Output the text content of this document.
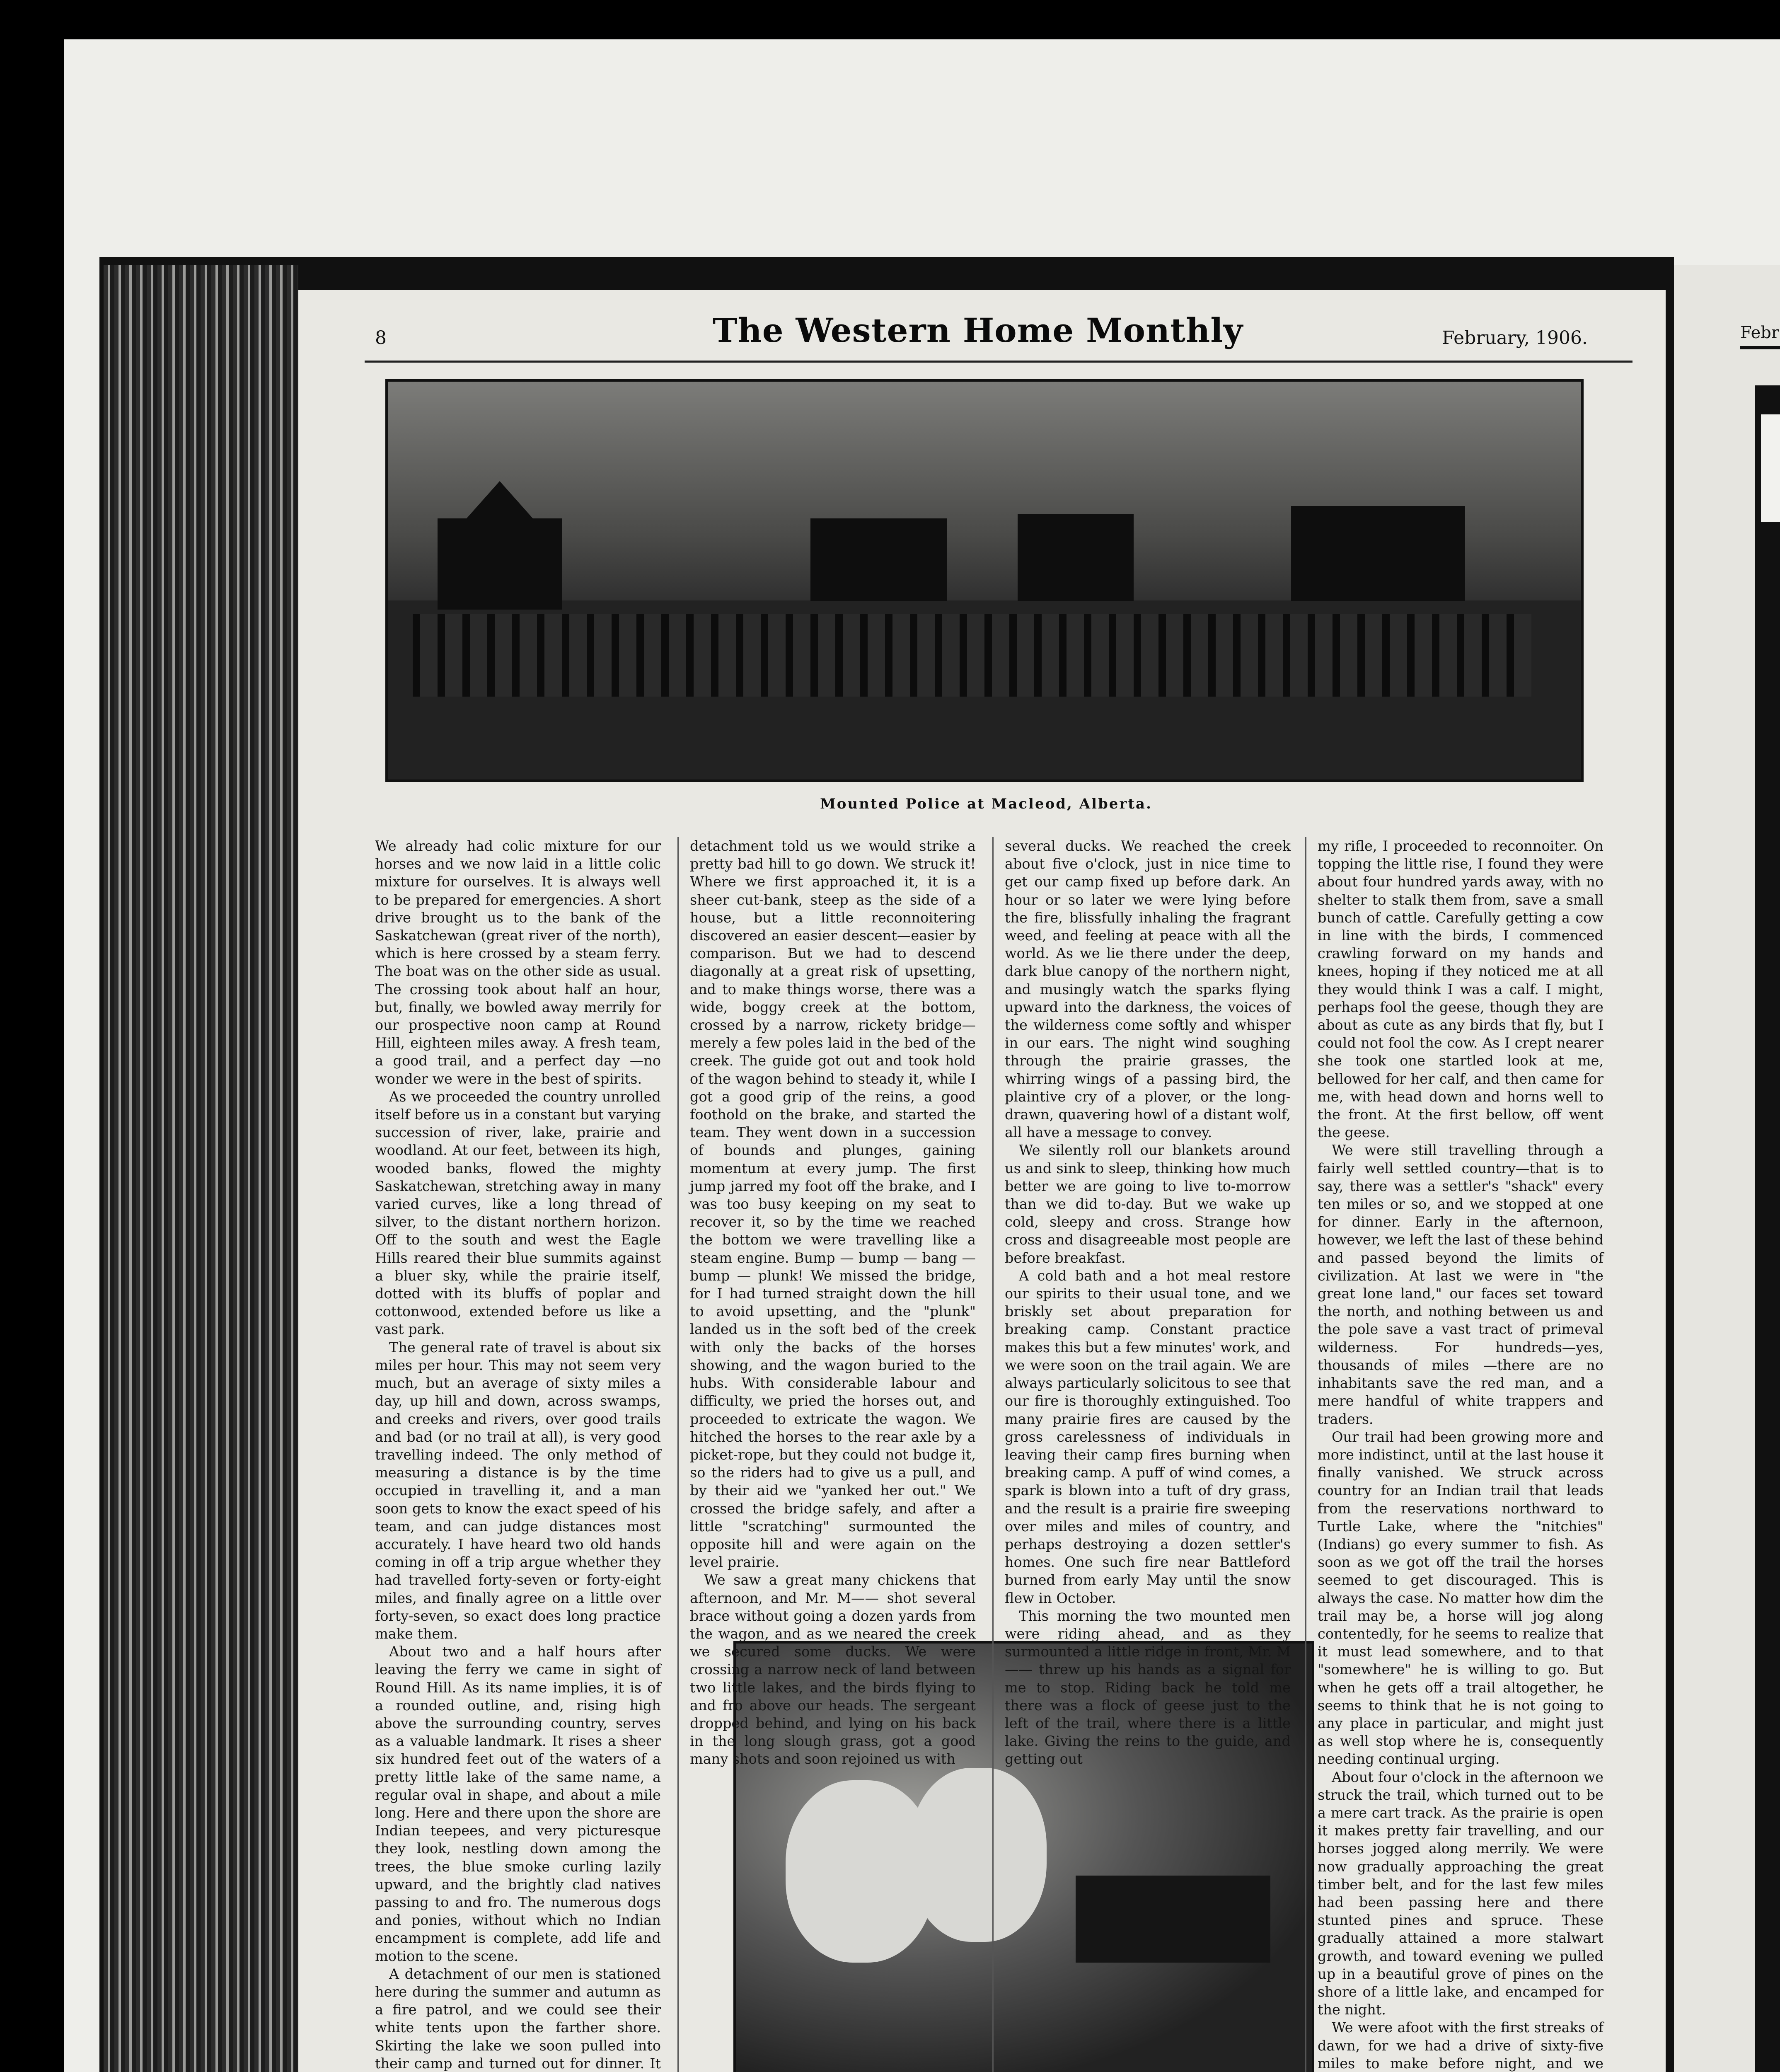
Febr
8	The Western Home Monthly	February, 1906.
Mounted Police at Macleod, Alberta.

We already had colic mixture for our horses and we now laid in a little colic mixture for ourselves. It is always well to be prepared for emergencies. A short drive brought us to the bank of the Saskatchewan (great river of the north), which is here crossed by a steam ferry. The boat was on the other side as usual. The crossing took about half an hour, but, finally, we bowled away merrily for our prospective noon camp at Round Hill, eighteen miles away. A fresh team, a good trail, and a perfect day —no wonder we were in the best of spirits.

As we proceeded the country unrolled itself before us in a constant but varying succession of river, lake, prairie and woodland. At our feet, between its high, wooded banks, flowed the mighty Saskatchewan, stretching away in many varied curves, like a long thread of silver, to the distant northern horizon. Off to the south and west the Eagle Hills reared their blue summits against a bluer sky, while the prairie itself, dotted with its bluffs of poplar and cottonwood, extended before us like a vast park.

The general rate of travel is about six miles per hour. This may not seem very much, but an average of sixty miles a day, up hill and down, across swamps, and creeks and rivers, over good trails and bad (or no trail at all), is very good travelling indeed. The only method of measuring a distance is by the time occupied in travelling it, and a man soon gets to know the exact speed of his team, and can judge distances most accurately. I have heard two old hands coming in off a trip argue whether they had travelled forty-seven or forty-eight miles, and finally agree on a little over forty-seven, so exact does long practice make them.

About two and a half hours after leaving the ferry we came in sight of Round Hill. As its name implies, it is of a rounded outline, and, rising high above the surrounding country, serves as a valuable landmark. It rises a sheer six hundred feet out of the waters of a pretty little lake of the same name, a regular oval in shape, and about a mile long. Here and there upon the shore are Indian teepees, and very picturesque they look, nestling down among the trees, the blue smoke curling lazily upward, and the brightly clad natives passing to and fro. The numerous dogs and ponies, without which no Indian encampment is complete, add life and motion to the scene.

A detachment of our men is stationed here during the summer and autumn as a fire patrol, and we could see their white tents upon the farther shore. Skirting the lake we soon pulled into their camp and turned out for dinner. It

detachment told us we would strike a pretty bad hill to go down. We struck it! Where we first approached it, it is a sheer cut-bank, steep as the side of a house, but a little reconnoitering discovered an easier descent—easier by comparison. But we had to descend diagonally at a great risk of upsetting, and to make things worse, there was a wide, boggy creek at the bottom, crossed by a narrow, rickety bridge—merely a few poles laid in the bed of the creek. The guide got out and took hold of the wagon behind to steady it, while I got a good grip of the reins, a good foothold on the brake, and started the team. They went down in a succession of bounds and plunges, gaining momentum at every jump. The first jump jarred my foot off the brake, and I was too busy keeping on my seat to recover it, so by the time we reached the bottom we were travelling like a steam engine. Bump — bump — bang — bump — plunk! We missed the bridge, for I had turned straight down the hill to avoid upsetting, and the "plunk" landed us in the soft bed of the creek with only the backs of the horses showing, and the wagon buried to the hubs. With considerable labour and difficulty, we pried the horses out, and proceeded to extricate the wagon. We hitched the horses to the rear axle by a picket-rope, but they could not budge it, so the riders had to give us a pull, and by their aid we "yanked her out." We crossed the bridge safely, and after a little "scratching" surmounted the opposite hill and were again on the level prairie.

We saw a great many chickens that afternoon, and Mr. M—— shot several brace without going a dozen yards from the wagon, and as we neared the creek we secured some ducks. We were crossing a narrow neck of land between two little lakes, and the birds flying to and fro above our heads. The sergeant dropped behind, and lying on his back in the long slough grass, got a good many shots and soon rejoined us with

several ducks. We reached the creek about five o'clock, just in nice time to get our camp fixed up before dark. An hour or so later we were lying before the fire, blissfully inhaling the fragrant weed, and feeling at peace with all the world. As we lie there under the deep, dark blue canopy of the northern night, and musingly watch the sparks flying upward into the darkness, the voices of the wilderness come softly and whisper in our ears. The night wind soughing through the prairie grasses, the whirring wings of a passing bird, the plaintive cry of a plover, or the long-drawn, quavering howl of a distant wolf, all have a message to convey.

We silently roll our blankets around us and sink to sleep, thinking how much better we are going to live to-morrow than we did to-day. But we wake up cold, sleepy and cross. Strange how cross and disagreeable most people are before breakfast.

A cold bath and a hot meal restore our spirits to their usual tone, and we briskly set about preparation for breaking camp. Constant practice makes this but a few minutes' work, and we were soon on the trail again. We are always particularly solicitous to see that our fire is thoroughly extinguished. Too many prairie fires are caused by the gross carelessness of individuals in leaving their camp fires burning when breaking camp. A puff of wind comes, a spark is blown into a tuft of dry grass, and the result is a prairie fire sweeping over miles and miles of country, and perhaps destroying a dozen settler's homes. One such fire near Battleford burned from early May until the snow flew in October.

This morning the two mounted men were riding ahead, and as they surmounted a little ridge in front, Mr. M—— threw up his hands as a signal for me to stop. Riding back he told me there was a flock of geese just to the left of the trail, where there is a little lake. Giving the reins to the guide, and getting out

my rifle, I proceeded to reconnoiter. On topping the little rise, I found they were about four hundred yards away, with no shelter to stalk them from, save a small bunch of cattle. Carefully getting a cow in line with the birds, I commenced crawling forward on my hands and knees, hoping if they noticed me at all they would think I was a calf. I might, perhaps fool the geese, though they are about as cute as any birds that fly, but I could not fool the cow. As I crept nearer she took one startled look at me, bellowed for her calf, and then came for me, with head down and horns well to the front. At the first bellow, off went the geese.

We were still travelling through a fairly well settled country—that is to say, there was a settler's "shack" every ten miles or so, and we stopped at one for dinner. Early in the afternoon, however, we left the last of these behind and passed beyond the limits of civilization. At last we were in "the great lone land," our faces set toward the north, and nothing between us and the pole save a vast tract of primeval wilderness. For hundreds—yes, thousands of miles —there are no inhabitants save the red man, and a mere handful of white trappers and traders.

Our trail had been growing more and more indistinct, until at the last house it finally vanished. We struck across country for an Indian trail that leads from the reservations northward to Turtle Lake, where the "nitchies" (Indians) go every summer to fish. As soon as we got off the trail the horses seemed to get discouraged. This is always the case. No matter how dim the trail may be, a horse will jog along contentedly, for he seems to realize that it must lead somewhere, and to that "somewhere" he is willing to go. But when he gets off a trail altogether, he seems to think that he is not going to any place in particular, and might just as well stop where he is, consequently needing continual urging.

About four o'clock in the afternoon we struck the trail, which turned out to be a mere cart track. As the prairie is open it makes pretty fair travelling, and our horses jogged along merrily. We were now gradually approaching the great timber belt, and for the last few miles had been passing here and there stunted pines and spruce. These gradually attained a more stalwart growth, and toward evening we pulled up in a beautiful grove of pines on the shore of a little lake, and encamped for the night.

We were afoot with the first streaks of dawn, for we had a drive of sixty-five miles to make before night, and we
